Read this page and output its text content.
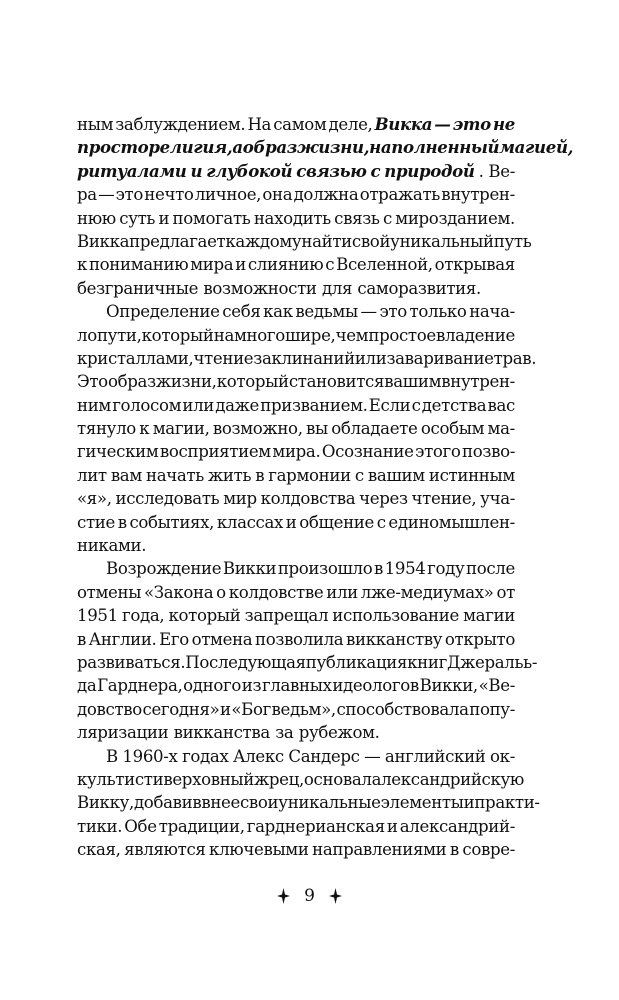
ным заблуждением. На самом деле, Викка — это не
просто религия, а образ жизни, наполненный магией,
ритуалами и глубокой связью с природой . Ве-
ра — это нечто личное, она должна отражать внутрен-
нюю суть и помогать находить связь с мирозданием.
Викка предлагает каждому найти свой уникальный путь
к пониманию мира и слиянию с Вселенной, открывая
безграничные возможности для саморазвития.
Определение себя как ведьмы — это только нача-
ло пути, который намного шире, чем простое владение
кристаллами, чтение заклинаний или заваривание трав.
Это образ жизни, который становится вашим внутрен-
ним голосом или даже призванием. Если с детства вас
тянуло к магии, возможно, вы обладаете особым ма-
гическим восприятием мира. Осознание этого позво-
лит вам начать жить в гармонии с вашим истинным
«я», исследовать мир колдовства через чтение, уча-
стие в событиях, классах и общение с единомышлен-
никами.
Возрождение Викки произошло в 1954 году после
отмены «Закона о колдовстве или лже-медиумах» от
1951 года, который запрещал использование магии
в Англии. Его отмена позволила викканству открыто
развиваться. Последующая публикация книг Джеральь-
да Гарднера, одного из главных идеологов Викки, «Ве-
довство сегодня» и «Бог ведьм», способствовала попу-
ляризации викканства за рубежом.
В 1960-х годах Алекс Сандерс — английский ок-
культист и верховный жрец, основал александрийскую
Викку, добавив в нее свои уникальные элементы и практи-
тики. Обе традиции, гарднерианская и александрий-
ская, являются ключевыми направлениями в совре-
9
